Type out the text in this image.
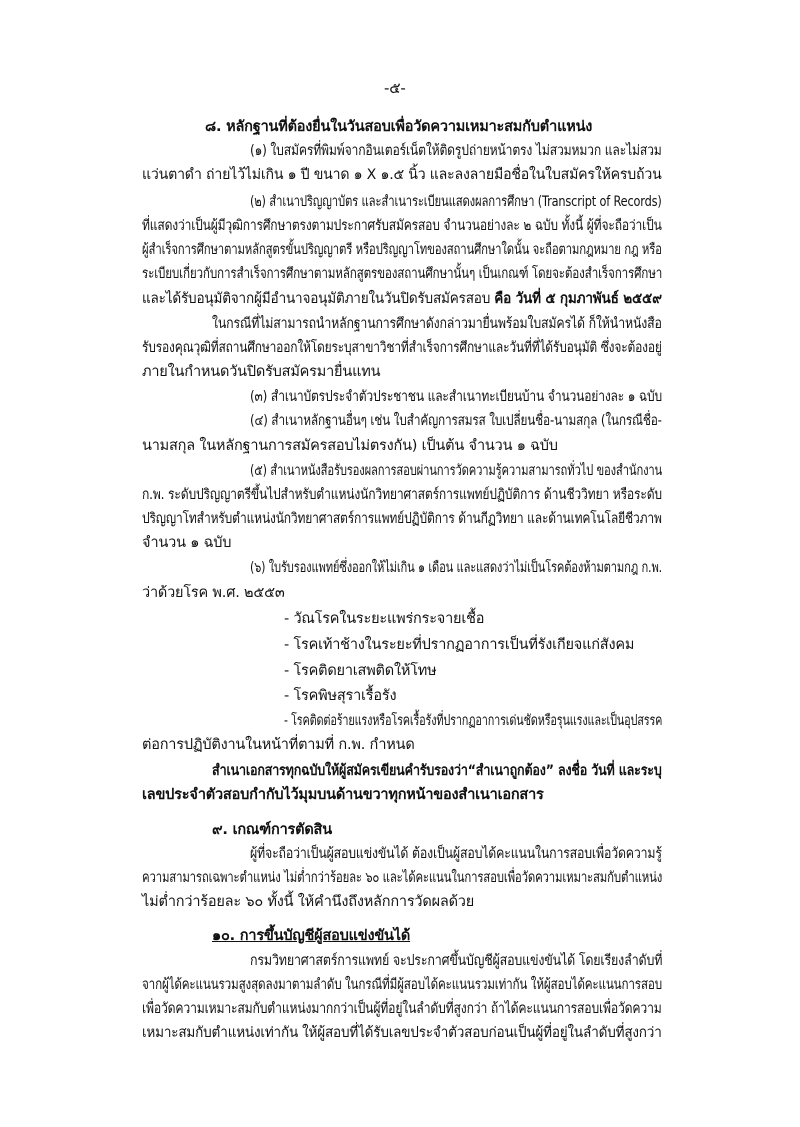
-๕-
๘. หลักฐานที่ต้องยื่นในวันสอบเพื่อวัดความเหมาะสมกับตำแหน่ง
(๑) ใบสมัครที่พิมพ์จากอินเตอร์เน็ตให้ติดรูปถ่ายหน้าตรง ไม่สวมหมวก และไม่สวม
แว่นตาดำ ถ่ายไว้ไม่เกิน ๑ ปี ขนาด ๑ X ๑.๕ นิ้ว และลงลายมือชื่อในใบสมัครให้ครบถ้วน
(๒) สำเนาปริญญาบัตร และสำเนาระเบียนแสดงผลการศึกษา (Transcript of Records)
ที่แสดงว่าเป็นผู้มีวุฒิการศึกษาตรงตามประกาศรับสมัครสอบ จำนวนอย่างละ ๒ ฉบับ ทั้งนี้ ผู้ที่จะถือว่าเป็น
ผู้สำเร็จการศึกษาตามหลักสูตรขั้นปริญญาตรี หรือปริญญาโทของสถานศึกษาใดนั้น จะถือตามกฎหมาย กฎ หรือ
ระเบียบเกี่ยวกับการสำเร็จการศึกษาตามหลักสูตรของสถานศึกษานั้นๆ เป็นเกณฑ์ โดยจะต้องสำเร็จการศึกษา
และได้รับอนุมัติจากผู้มีอำนาจอนุมัติภายในวันปิดรับสมัครสอบ คือ วันที่ ๕ กุมภาพันธ์ ๒๕๕๙
ในกรณีที่ไม่สามารถนำหลักฐานการศึกษาดังกล่าวมายื่นพร้อมใบสมัครได้ ก็ให้นำหนังสือ
รับรองคุณวุฒิที่สถานศึกษาออกให้โดยระบุสาขาวิชาที่สำเร็จการศึกษาและวันที่ที่ได้รับอนุมัติ ซึ่งจะต้องอยู่
ภายในกำหนดวันปิดรับสมัครมายื่นแทน
(๓) สำเนาบัตรประจำตัวประชาชน และสำเนาทะเบียนบ้าน จำนวนอย่างละ ๑ ฉบับ
(๔) สำเนาหลักฐานอื่นๆ เช่น ใบสำคัญการสมรส ใบเปลี่ยนชื่อ-นามสกุล (ในกรณีชื่อ-
นามสกุล ในหลักฐานการสมัครสอบไม่ตรงกัน) เป็นต้น จำนวน ๑ ฉบับ
(๕) สำเนาหนังสือรับรองผลการสอบผ่านการวัดความรู้ความสามารถทั่วไป ของสำนักงาน
ก.พ. ระดับปริญญาตรีขึ้นไปสำหรับตำแหน่งนักวิทยาศาสตร์การแพทย์ปฏิบัติการ ด้านชีววิทยา หรือระดับ
ปริญญาโทสำหรับตำแหน่งนักวิทยาศาสตร์การแพทย์ปฏิบัติการ ด้านกีฏวิทยา และด้านเทคโนโลยีชีวภาพ
จำนวน ๑ ฉบับ
(๖) ใบรับรองแพทย์ซึ่งออกให้ไม่เกิน ๑ เดือน และแสดงว่าไม่เป็นโรคต้องห้ามตามกฎ ก.พ.
ว่าด้วยโรค พ.ศ. ๒๕๕๓
- วัณโรคในระยะแพร่กระจายเชื้อ
- โรคเท้าช้างในระยะที่ปรากฏอาการเป็นที่รังเกียจแก่สังคม
- โรคติดยาเสพติดให้โทษ
- โรคพิษสุราเรื้อรัง
- โรคติดต่อร้ายแรงหรือโรคเรื้อรังที่ปรากฏอาการเด่นชัดหรือรุนแรงและเป็นอุปสรรค
ต่อการปฏิบัติงานในหน้าที่ตามที่ ก.พ. กำหนด
สำเนาเอกสารทุกฉบับให้ผู้สมัครเขียนคำรับรองว่า“สำเนาถูกต้อง” ลงชื่อ วันที่ และระบุ
เลขประจำตัวสอบกำกับไว้มุมบนด้านขวาทุกหน้าของสำเนาเอกสาร
๙. เกณฑ์การตัดสิน
ผู้ที่จะถือว่าเป็นผู้สอบแข่งขันได้ ต้องเป็นผู้สอบได้คะแนนในการสอบเพื่อวัดความรู้
ความสามารถเฉพาะตำแหน่ง ไม่ต่ำกว่าร้อยละ ๖๐ และได้คะแนนในการสอบเพื่อวัดความเหมาะสมกับตำแหน่ง
ไม่ต่ำกว่าร้อยละ ๖๐ ทั้งนี้ ให้คำนึงถึงหลักการวัดผลด้วย
๑๐. การขึ้นบัญชีผู้สอบแข่งขันได้
กรมวิทยาศาสตร์การแพทย์ จะประกาศขึ้นบัญชีผู้สอบแข่งขันได้ โดยเรียงลำดับที่
จากผู้ได้คะแนนรวมสูงสุดลงมาตามลำดับ ในกรณีที่มีผู้สอบได้คะแนนรวมเท่ากัน ให้ผู้สอบได้คะแนนการสอบ
เพื่อวัดความเหมาะสมกับตำแหน่งมากกว่าเป็นผู้ที่อยู่ในลำดับที่สูงกว่า ถ้าได้คะแนนการสอบเพื่อวัดความ
เหมาะสมกับตำแหน่งเท่ากัน ให้ผู้สอบที่ได้รับเลขประจำตัวสอบก่อนเป็นผู้ที่อยู่ในลำดับที่สูงกว่า
